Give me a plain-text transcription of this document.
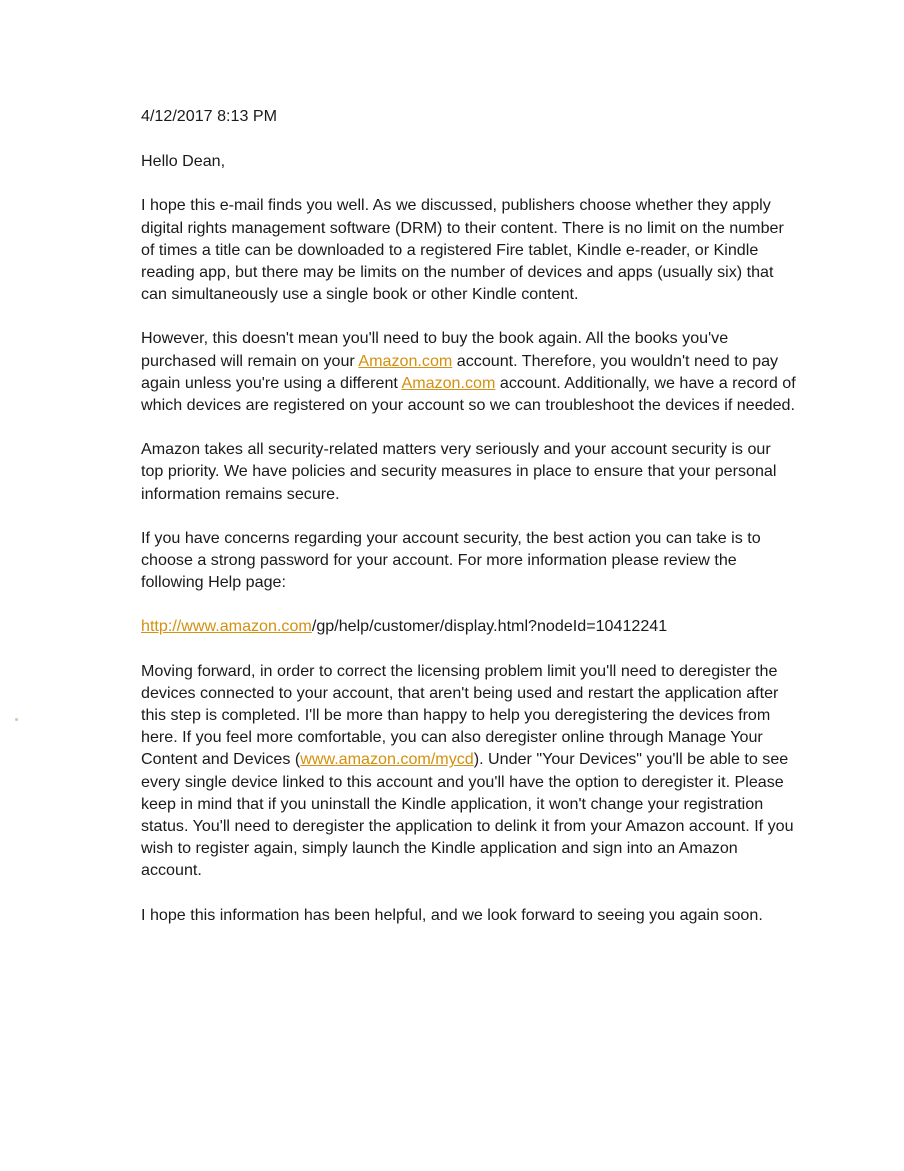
4/12/2017 8:13 PM

Hello Dean,

I hope this e-mail finds you well. As we discussed, publishers choose whether they apply digital rights management software (DRM) to their content. There is no limit on the number of times a title can be downloaded to a registered Fire tablet, Kindle e-reader, or Kindle reading app, but there may be limits on the number of devices and apps (usually six) that can simultaneously use a single book or other Kindle content.

However, this doesn't mean you'll need to buy the book again. All the books you've purchased will remain on your Amazon.com account. Therefore, you wouldn't need to pay again unless you're using a different Amazon.com account. Additionally, we have a record of which devices are registered on your account so we can troubleshoot the devices if needed.

Amazon takes all security-related matters very seriously and your account security is our top priority. We have policies and security measures in place to ensure that your personal information remains secure.

If you have concerns regarding your account security, the best action you can take is to choose a strong password for your account. For more information please review the following Help page:

http://www.amazon.com/gp/help/customer/display.html?nodeId=10412241

Moving forward, in order to correct the licensing problem limit you'll need to deregister the devices connected to your account, that aren't being used and restart the application after this step is completed. I'll be more than happy to help you deregistering the devices from here. If you feel more comfortable, you can also deregister online through Manage Your Content and Devices (www.amazon.com/mycd). Under "Your Devices" you'll be able to see every single device linked to this account and you'll have the option to deregister it. Please keep in mind that if you uninstall the Kindle application, it won't change your registration status. You'll need to deregister the application to delink it from your Amazon account. If you wish to register again, simply launch the Kindle application and sign into an Amazon account.

I hope this information has been helpful, and we look forward to seeing you again soon.
